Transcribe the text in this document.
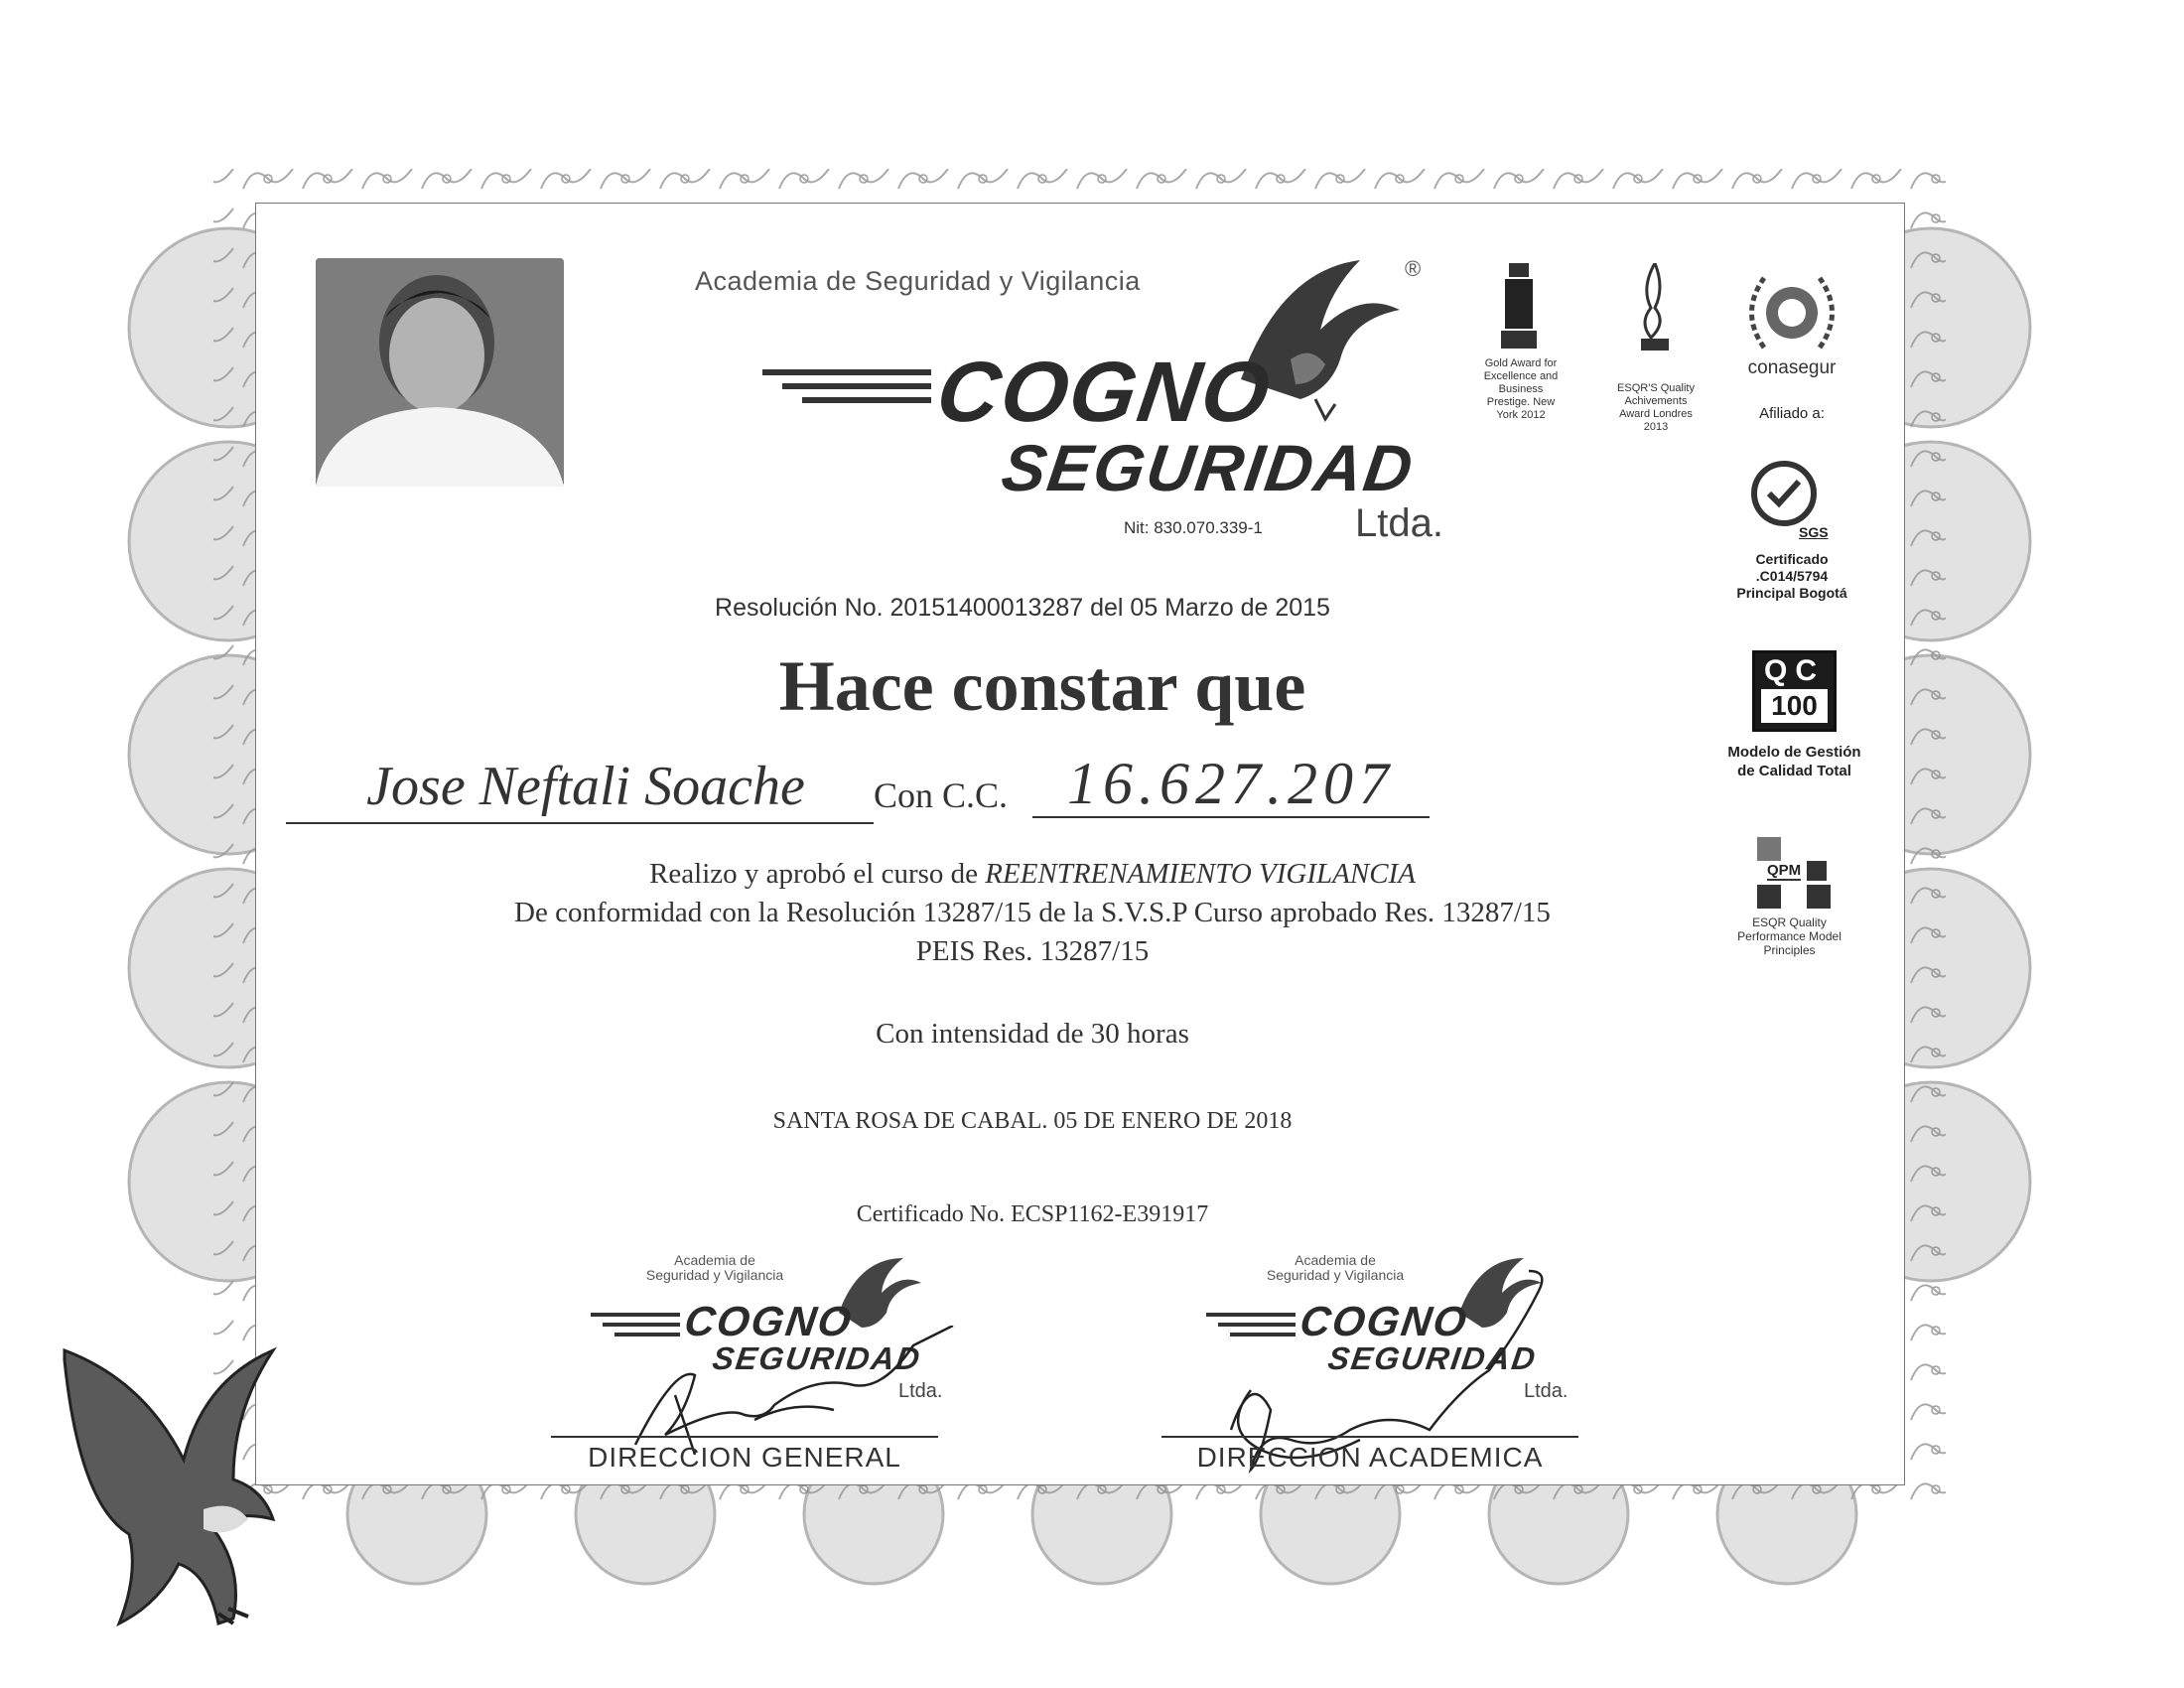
Academia de Seguridad y Vigilancia	®
COGNO
SEGURIDAD
Ltda.
Nit: 830.070.339-1
Gold Award for Excellence and Business Prestige. New York 2012
ESQR'S Quality Achivements Award Londres 2013
conasegur
Afiliado a:
SGS
Certificado .C014/5794 Principal Bogotá
QC
100
Modelo de Gestión de Calidad Total
QPM
ESQR Quality Performance Model Principles
Resolución No. 20151400013287 del 05 Marzo de 2015
Hace constar que
Jose Neftali Soache	Con C.C. 16.627.207
Realizo y aprobó el curso de REENTRENAMIENTO VIGILANCIA
De conformidad con la Resolución 13287/15 de la S.V.S.P Curso aprobado Res. 13287/15
PEIS Res. 13287/15
Con intensidad de 30 horas
SANTA ROSA DE CABAL. 05 DE ENERO DE 2018
Certificado No. ECSP1162-E391917
Academia de
Seguridad y Vigilancia
COGNO
SEGURIDAD
Ltda.
DIRECCION GENERAL
Academia de
Seguridad y Vigilancia
COGNO
SEGURIDAD
Ltda.
DIRECCION ACADEMICA
